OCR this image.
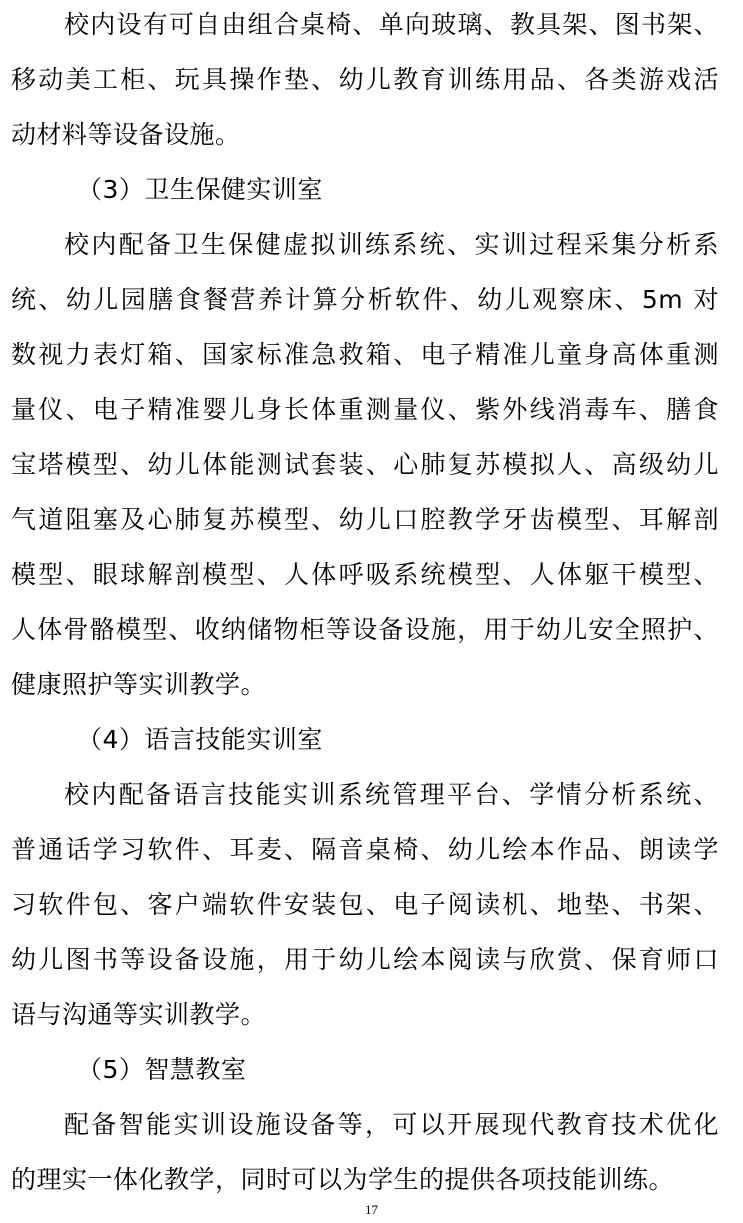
校内设有可自由组合桌椅、单向玻璃、教具架、图书架、
移动美工柜、玩具操作垫、幼儿教育训练用品、各类游戏活
动材料等设备设施。
（3）卫生保健实训室
校内配备卫生保健虚拟训练系统、实训过程采集分析系
统、幼儿园膳食餐营养计算分析软件、幼儿观察床、5m 对
数视力表灯箱、国家标准急救箱、电子精准儿童身高体重测
量仪、电子精准婴儿身长体重测量仪、紫外线消毒车、膳食
宝塔模型、幼儿体能测试套装、心肺复苏模拟人、高级幼儿
气道阻塞及心肺复苏模型、幼儿口腔教学牙齿模型、耳解剖
模型、眼球解剖模型、人体呼吸系统模型、人体躯干模型、
人体骨骼模型、收纳储物柜等设备设施，用于幼儿安全照护、
健康照护等实训教学。
（4）语言技能实训室
校内配备语言技能实训系统管理平台、学情分析系统、
普通话学习软件、耳麦、隔音桌椅、幼儿绘本作品、朗读学
习软件包、客户端软件安装包、电子阅读机、地垫、书架、
幼儿图书等设备设施，用于幼儿绘本阅读与欣赏、保育师口
语与沟通等实训教学。
（5）智慧教室
配备智能实训设施设备等，可以开展现代教育技术优化
的理实一体化教学，同时可以为学生的提供各项技能训练。
17
